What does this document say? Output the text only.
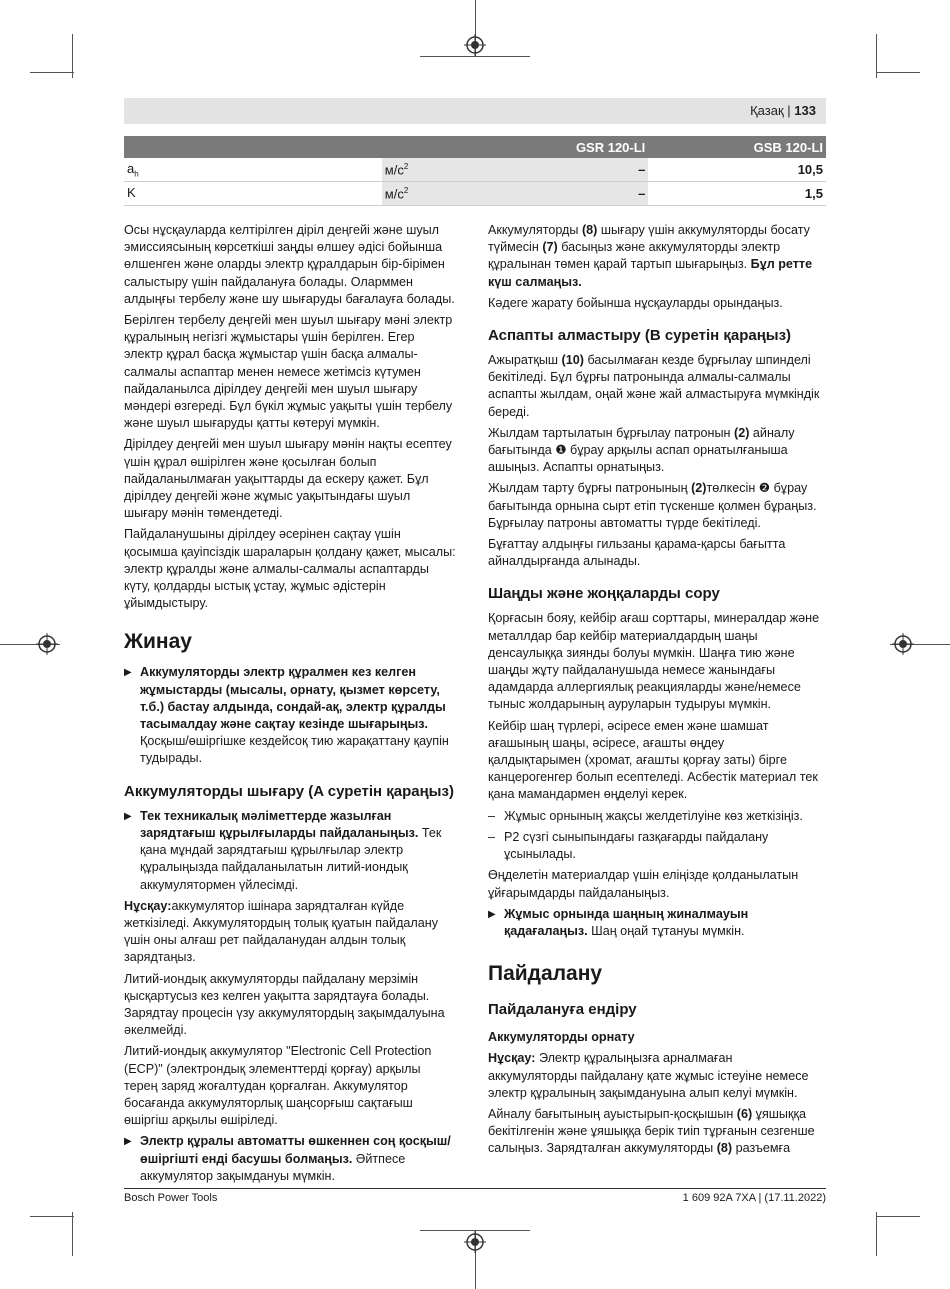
Қазақ | 133
		GSR 120-LI	GSB 120-LI
$a_h$	$м/с^2$	–	10,5
K	$м/с^2$	–	1,5

Осы нұсқауларда келтірілген діріл деңгейі және шуыл эмиссиясының көрсеткіші заңды өлшеу әдісі бойынша өлшенген және оларды электр құралдарын бір-бірімен салыстыру үшін пайдалануға болады. Оларммен алдыңғы тербелу және шу шығаруды бағалауға болады.

Берілген тербелу деңгейі мен шуыл шығару мәні электр құралының негізгі жұмыстары үшін берілген. Егер электр құрал басқа жұмыстар үшін басқа алмалы-салмалы аспаптар менен немесе жетімсіз күтумен пайдаланылса дірілдеу деңгейі мен шуыл шығару мәндері өзгереді. Бұл бүкіл жұмыс уақыты үшін тербелу және шуыл шығаруды қатты көтеруі мүмкін.

Дірілдеу деңгейі мен шуыл шығару мәнін нақты есептеу үшін құрал өшірілген және қосылған болып пайдаланылмаған уақыттарды да ескеру қажет. Бұл дірілдеу деңгейі және жұмыс уақытындағы шуыл шығару мәнін төмендетеді.

Пайдаланушыны дірілдеу әсерінен сақтау үшін қосымша қауіпсіздік шараларын қолдану қажет, мысалы: электр құралды және алмалы-салмалы аспаптарды күту, қолдарды ыстық ұстау, жұмыс әдістерін ұйымдыстыру.

Жинау
▶ Аккумуляторды электр құралмен кез келген жұмыстарды (мысалы, орнату, қызмет көрсету, т.б.) бастау алдында, сондай-ақ, электр құралды тасымалдау және сақтау кезінде шығарыңыз. Қосқыш/өшіргішке кездейсоқ тию жарақаттану қаупін тудырады.
Аккумуляторды шығару (A суретін қараңыз)
▶ Тек техникалық мәліметтерде жазылған зарядтағыш құрылғыларды пайдаланыңыз. Тек қана мұндай зарядтағыш құрылғылар электр құралыңызда пайдаланылатын литий-иондық аккумулятормен үйлесімді.

Нұсқау:аккумулятор ішінара зарядталған күйде жеткізіледі. Аккумулятордың толық қуатын пайдалану үшін оны алғаш рет пайдаланудан алдын толық зарядтаңыз.

Литий-иондық аккумуляторды пайдалану мерзімін қысқартусыз кез келген уақытта зарядтауға болады. Зарядтау процесін үзу аккумулятордың зақымдалуына әкелмейді.

Литий-иондық аккумулятор "Electronic Cell Protection (ECP)" (электрондық элементтерді қорғау) арқылы терең заряд жоғалтудан қорғалған. Аккумулятор босағанда аккумуляторлық шаңсорғыш сақтағыш өшіргіш арқылы өшіріледі.

▶ Электр құралы автоматты өшкеннен соң қосқыш/өшіргішті енді басушы болмаңыз. Әйтпесе аккумулятор зақымдануы мүмкін.

Аккумуляторды (8) шығару үшін аккумуляторды босату түймесін (7) басыңыз және аккумуляторды электр құралынан төмен қарай тартып шығарыңыз. Бұл ретте күш салмаңыз.

Кәдеге жарату бойынша нұсқауларды орындаңыз.

Аспапты алмастыру (B суретін қараңыз)

Ажыратқыш (10) басылмаған кезде бұрғылау шпинделі бекітіледі. Бұл бұрғы патронында алмалы-салмалы аспапты жылдам, оңай және жай алмастыруға мүмкіндік береді.

Жылдам тартылатын бұрғылау патронын (2) айналу бағытында ❶ бұрау арқылы аспап орнатылғаныша ашыңыз. Аспапты орнатыңыз.

Жылдам тарту бұрғы патронының (2)төлкесін ❷ бұрау бағытында орнына сырт етіп түскенше қолмен бұраңыз. Бұрғылау патроны автоматты түрде бекітіледі.

Бұғаттау алдыңғы гильзаны қарама-қарсы бағытта айналдырғанда алынады.

Шаңды және жоңқаларды сору

Қорғасын бояу, кейбір ағаш сорттары, минералдар және металлдар бар кейбір материалдардың шаңы денсаулыққа зиянды болуы мүмкін. Шаңға тию және шаңды жұту пайдаланушыда немесе жанындағы адамдарда аллергиялық реакцияларды және/немесе тыныс жолдарының ауруларын тудыруы мүмкін.

Кейбір шаң түрлері, әсіресе емен және шамшат ағашының шаңы, әсіресе, ағашты өңдеу қалдықтарымен (хромат, ағашты қорғау заты) бірге канцерогенгер болып есептеледі. Асбестік материал тек қана мамандармен өңделуі керек.

– Жұмыс орнының жақсы желдетілуіне көз жеткізіңіз.
– P2 сүзгі сыныпындағы газқағарды пайдалану ұсынылады.

Өңделетін материалдар үшін еліңізде қолданылатын ұйғарымдарды пайдаланыңыз.

▶ Жұмыс орнында шаңның жиналмауын қадағалаңыз. Шаң оңай тұтануы мүмкін.
Пайдалану
Пайдалануға ендіру
Аккумуляторды орнату

Нұсқау: Электр құралыңызға арналмаған аккумуляторды пайдалану қате жұмыс істеуіне немесе электр құралының зақымдануына алып келуі мүмкін.

Айналу бағытының ауыстырып-қосқышын (6) ұяшыққа бекітілгенін және ұяшыққа берік тиіп тұрғанын сезгенше салыңыз. Зарядталған аккумуляторды (8) разъемға

Bosch Power Tools	1 609 92A 7XA | (17.11.2022)
